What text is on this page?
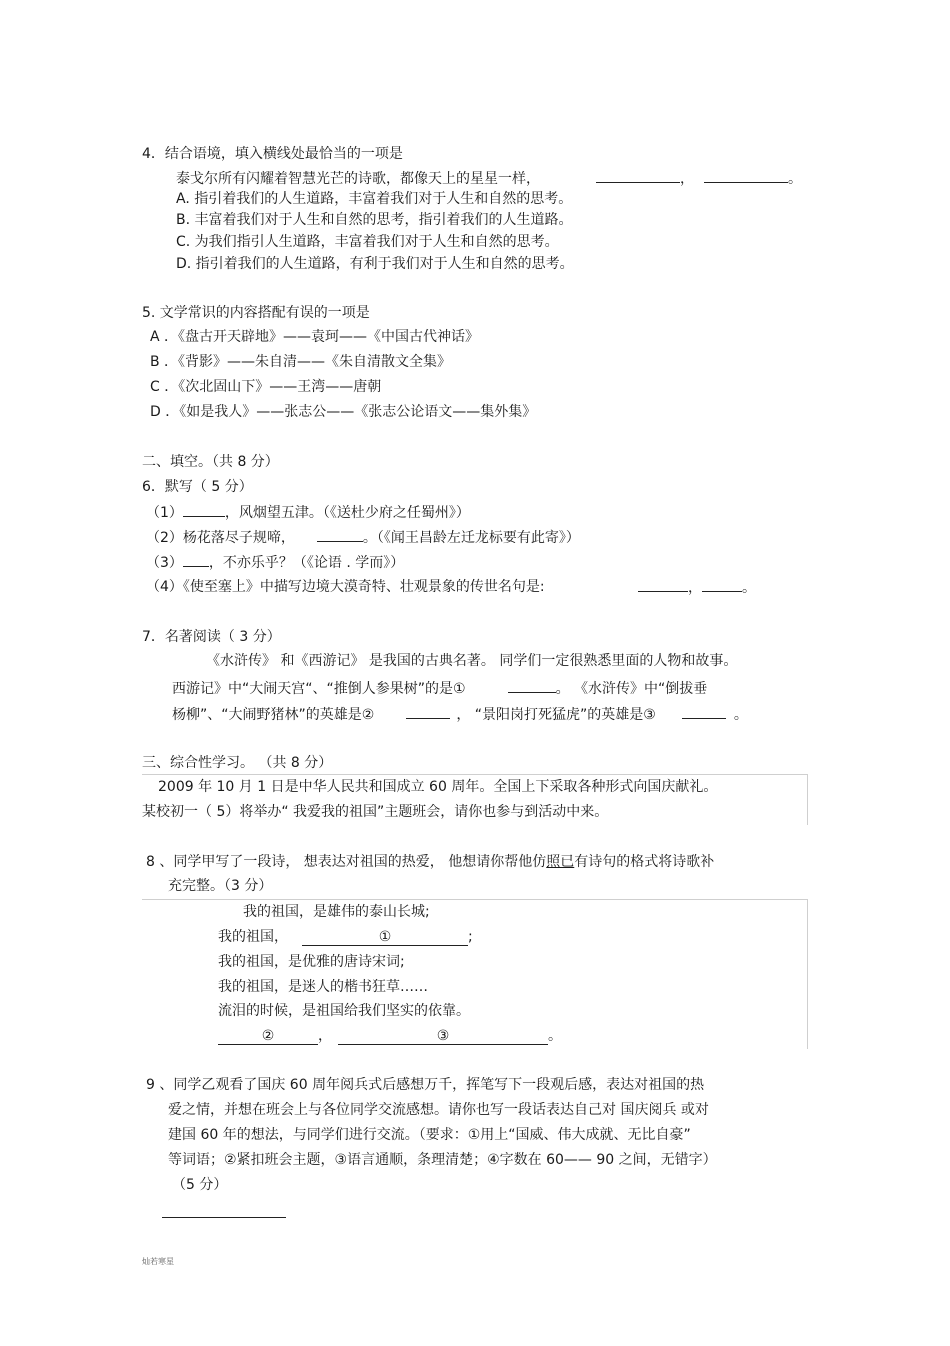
4．结合语境，填入横线处最恰当的一项是
泰戈尔所有闪耀着智慧光芒的诗歌，都像天上的星星一样，	，	。
A. 指引着我们的人生道路，丰富着我们对于人生和自然的思考。
B. 丰富着我们对于人生和自然的思考，指引着我们的人生道路。
C. 为我们指引人生道路，丰富着我们对于人生和自然的思考。
D. 指引着我们的人生道路，有利于我们对于人生和自然的思考。
5. 文学常识的内容搭配有误的一项是
A ．《盘古开天辟地》——袁珂——《中国古代神话》
B ．《背影》——朱自清——《朱自清散文全集》
C ．《次北固山下》——王湾——唐朝
D ．《如是我人》——张志公——《张志公论语文——集外集》
二、填空。（共 8 分）
6．默写（ 5 分）
（1）	，风烟望五津。（《送杜少府之任蜀州》）
（2）杨花落尽子规啼，	。（《闻王昌龄左迁龙标要有此寄》）
（3） ，不亦乐乎？（《论语 . 学而》）
（4）《使至塞上》中描写边境大漠奇特、壮观景象的传世名句是:	，	。
7．名著阅读（ 3 分）
《水浒传》 和《西游记》 是我国的古典名著。 同学们一定很熟悉里面的人物和故事。
西游记》中“大闹天宫“、“推倒人参果树”的是①	。 《水浒传》中“倒拔垂
杨柳”、“大闹野猪林”的英雄是②	， “景阳岗打死猛虎”的英雄是③	。
三、综合性学习。 （共 8 分）
2009 年 10 月 1 日是中华人民共和国成立 60 周年。全国上下采取各种形式向国庆献礼。
某校初一（ 5）将举办“ 我爱我的祖国”主题班会，请你也参与到活动中来。
8 、同学甲写了一段诗， 想表达对祖国的热爱， 他想请你帮他仿照已有诗句的格式将诗歌补
充完整。（3 分）
我的祖国，是雄伟的泰山长城;
我的祖国，	①	;
我的祖国，是优雅的唐诗宋词;
我的祖国，是迷人的楷书狂草……
流泪的时候，是祖国给我们坚实的依靠。
②	，	③	。
9 、同学乙观看了国庆 60 周年阅兵式后感想万千，挥笔写下一段观后感，表达对祖国的热
爱之情，并想在班会上与各位同学交流感想。请你也写一段话表达自己对 国庆阅兵 或对
建国 60 年的想法，与同学们进行交流。（要求：①用上“国威、伟大成就、无比自豪”
等词语；②紧扣班会主题，③语言通顺，条理清楚；④字数在 60—— 90 之间，无错字）
（5 分）
灿若寒星
